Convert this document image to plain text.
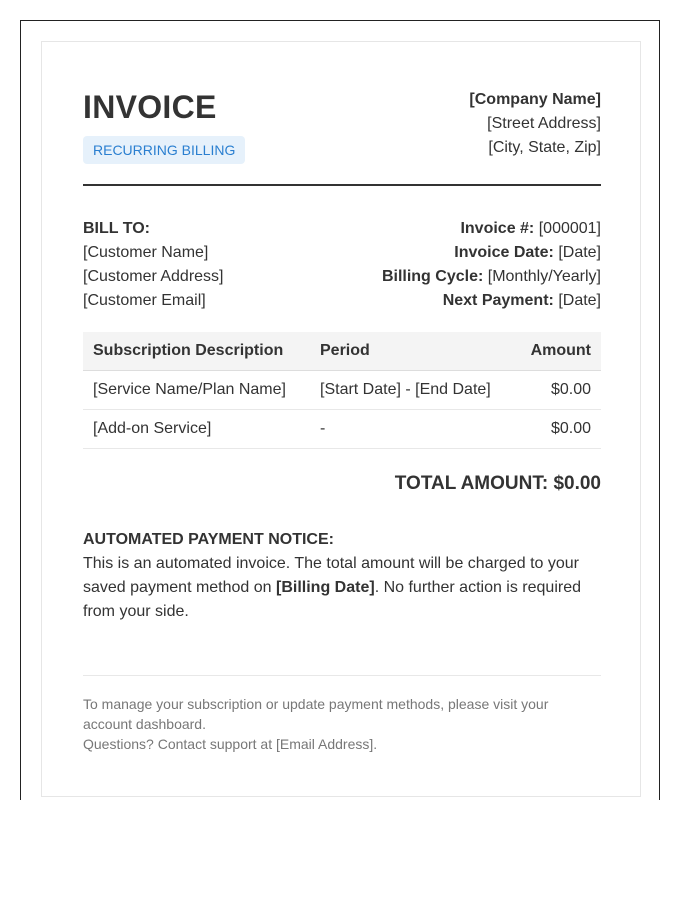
INVOICE
RECURRING BILLING
[Company Name]
[Street Address]
[City, State, Zip]
BILL TO:
[Customer Name]
[Customer Address]
[Customer Email]
Invoice #: [000001]
Invoice Date: [Date]
Billing Cycle: [Monthly/Yearly]
Next Payment: [Date]
Subscription Description	Period	Amount
[Service Name/Plan Name]	[Start Date] - [End Date]	$0.00
[Add-on Service]	-	$0.00
TOTAL AMOUNT: $0.00
AUTOMATED PAYMENT NOTICE:
This is an automated invoice. The total amount will be charged to your saved payment method on [Billing Date]. No further action is required from your side.
To manage your subscription or update payment methods, please visit your account dashboard.
Questions? Contact support at [Email Address].
